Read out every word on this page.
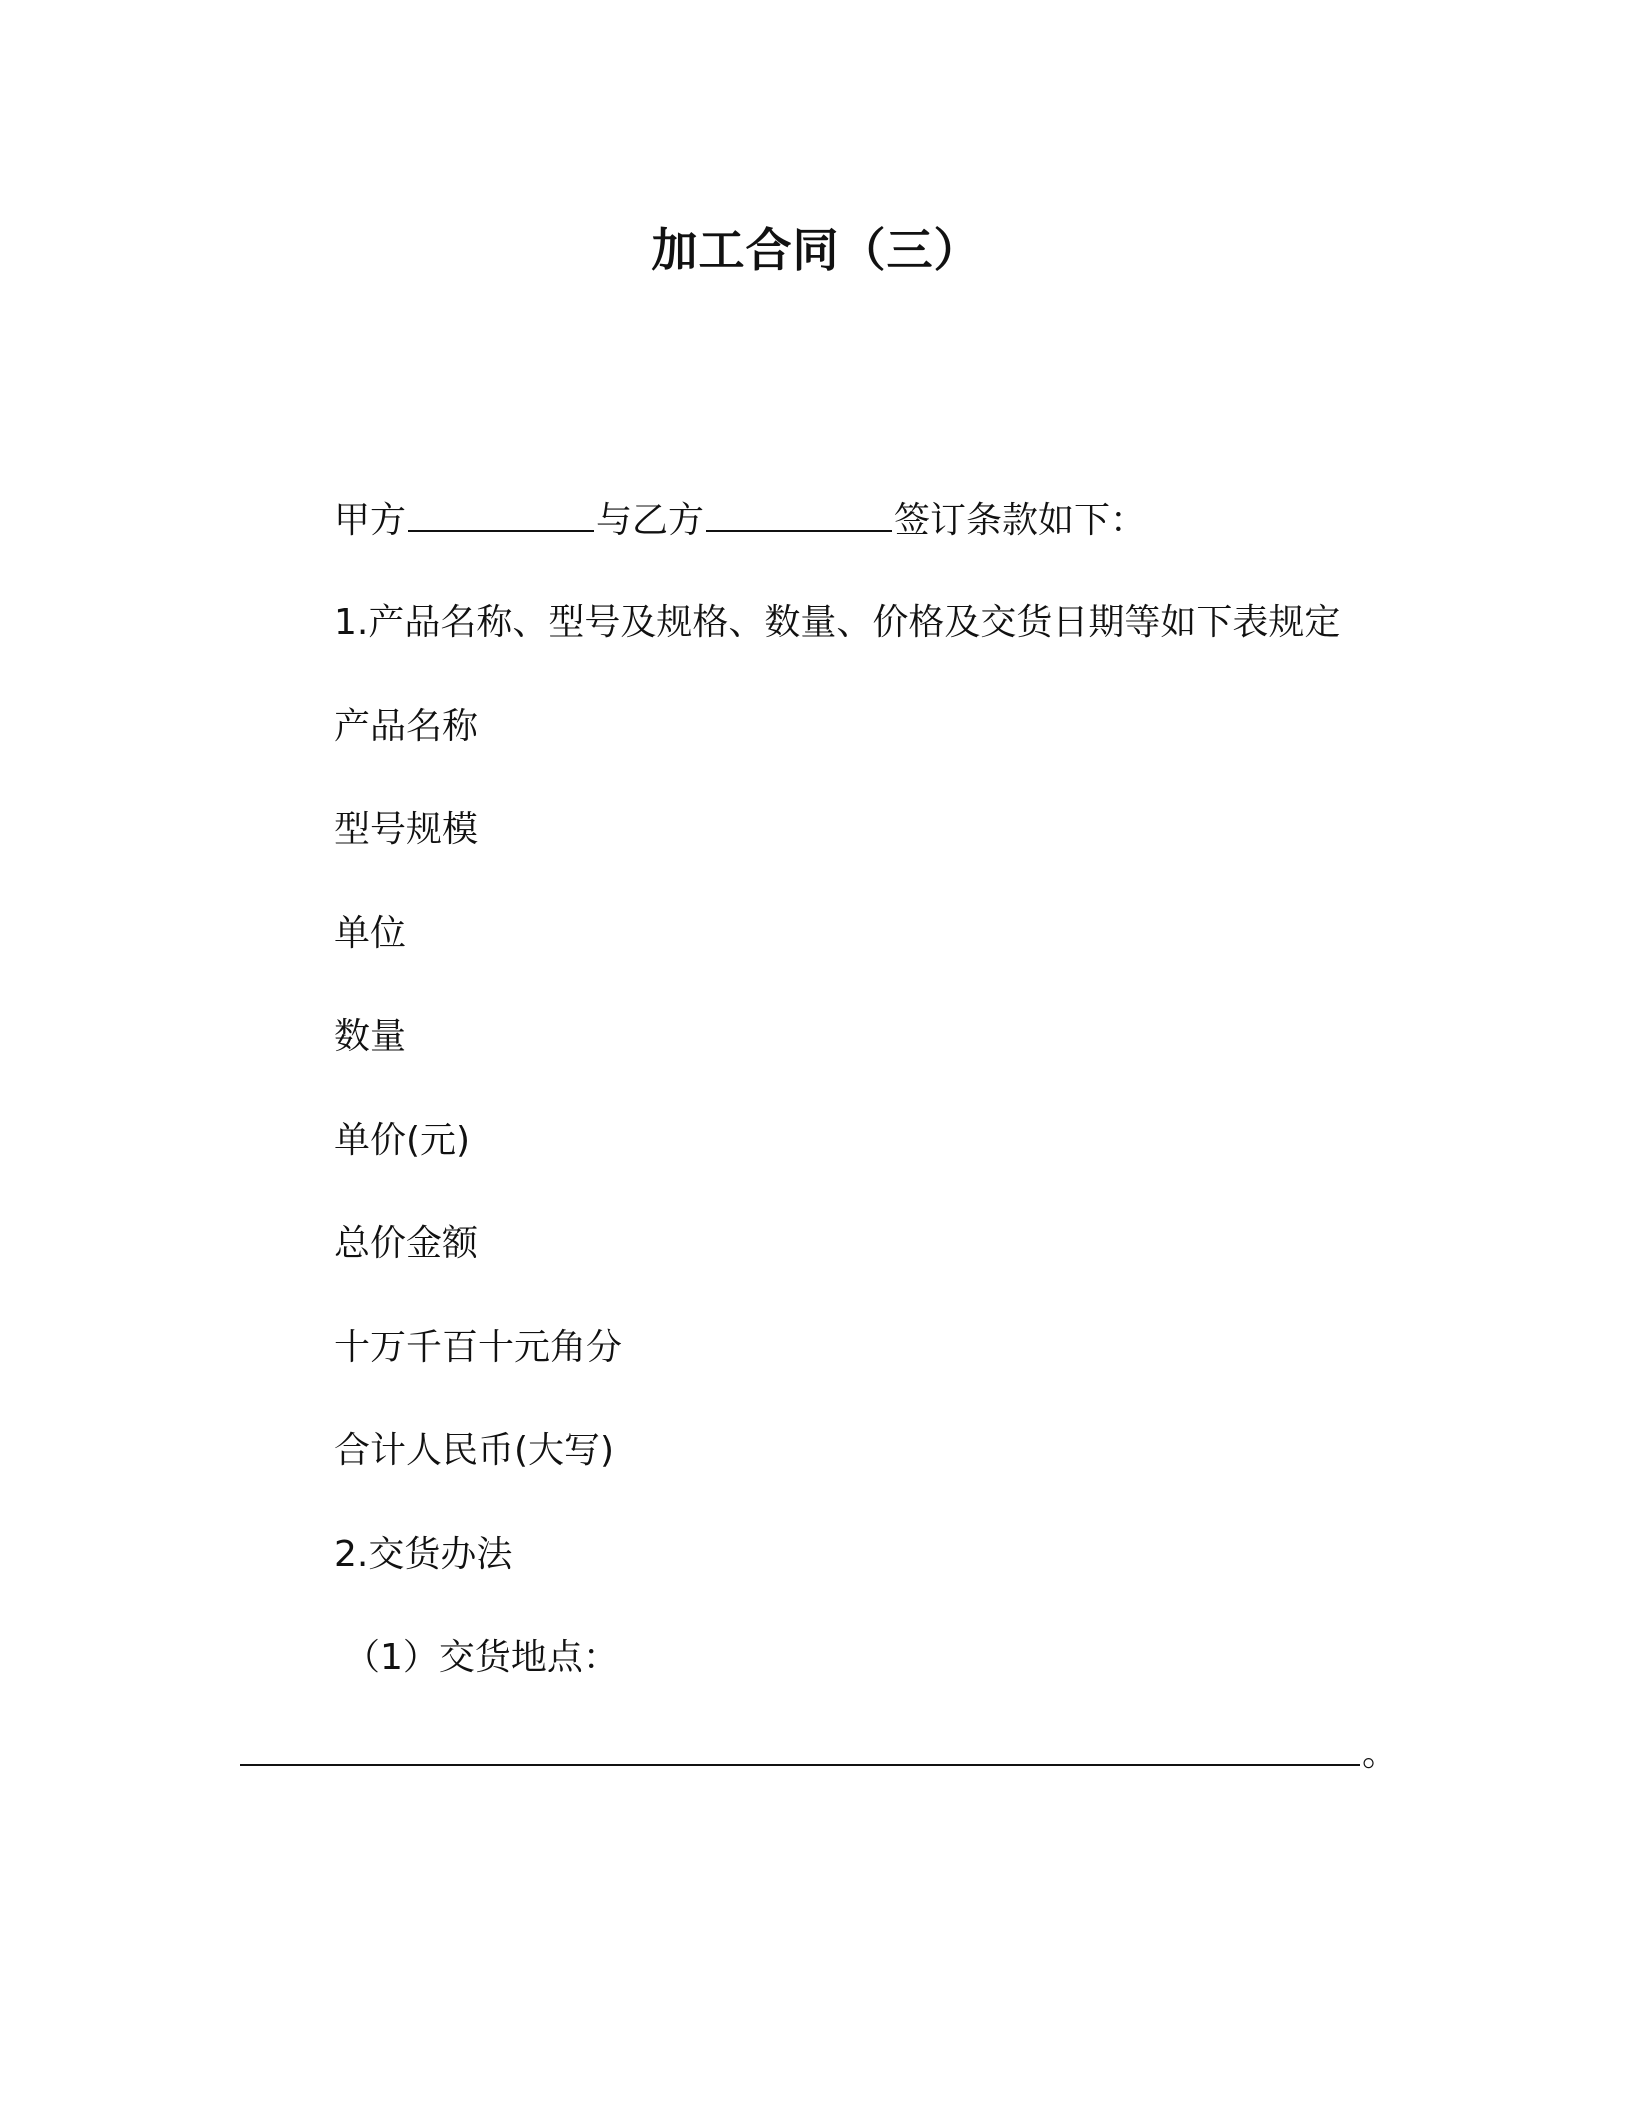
加工合同（三）
甲方	与乙方	签订条款如下：
1.产品名称、型号及规格、数量、价格及交货日期等如下表规定
产品名称
型号规模
单位
数量
单价(元)
总价金额
十万千百十元角分
合计人民币(大写)
2.交货办法
（1）交货地点：
。
